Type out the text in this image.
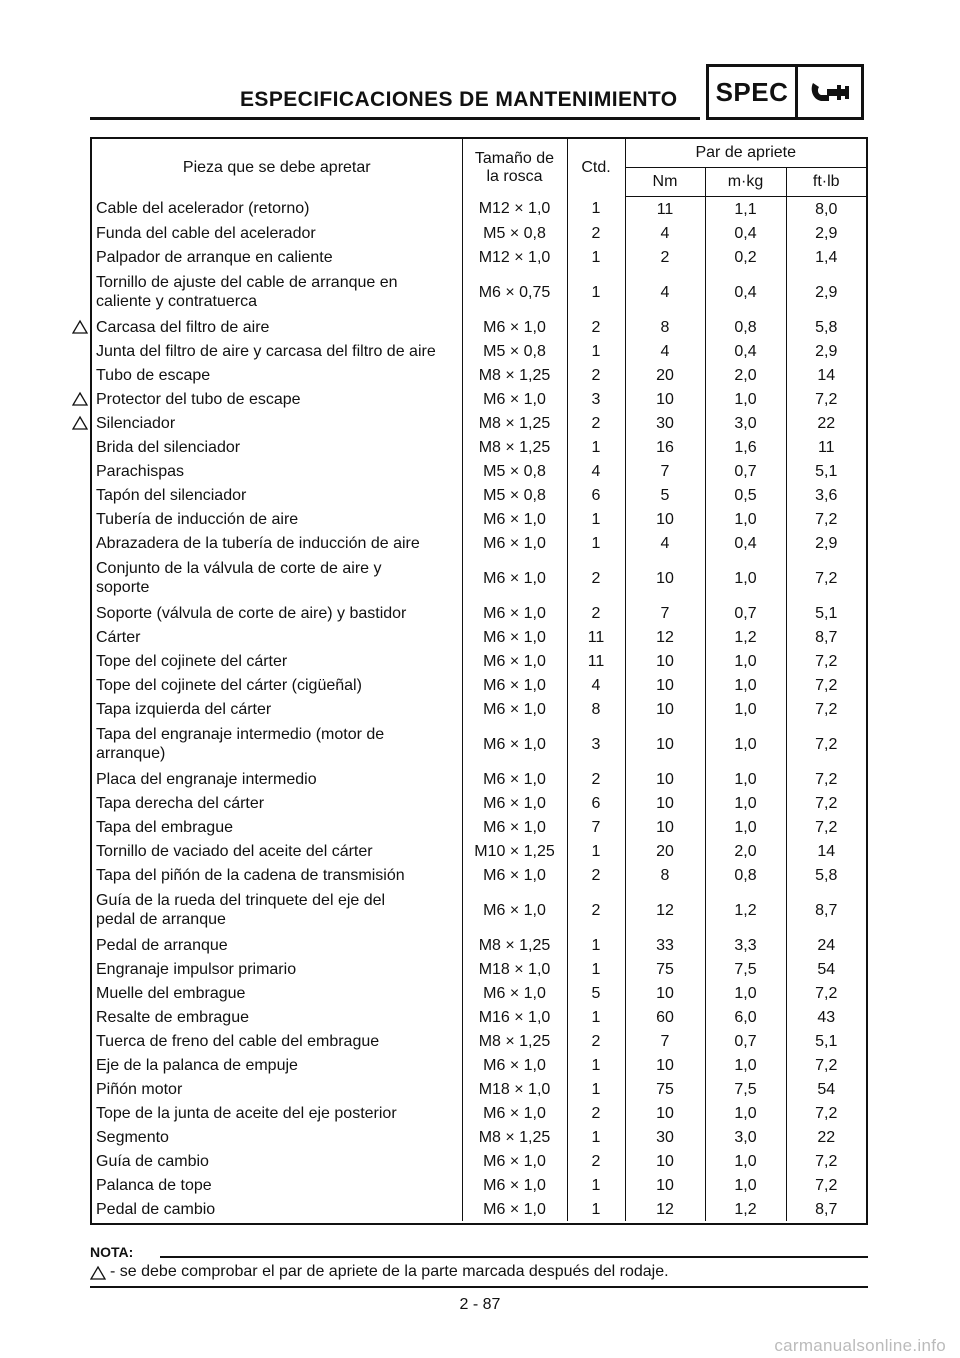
ESPECIFICACIONES DE MANTENIMIENTO SPEC
Pieza que se debe apretar	Tamaño de
la rosca	Ctd.	Par de apriete		
			Nm	m·kg	ft·lb

Cable del acelerador (retorno)	M12 × 1,0	1	11	1,1	8,0

Funda del cable del acelerador	M5 × 0,8	2	4	0,4	2,9

Palpador de arranque en caliente	M12 × 1,0	1	2	0,2	1,4

Tornillo de ajuste del cable de arranque en
caliente y contratuerca	M6 × 0,75	1	4	0,4	2,9

Carcasa del filtro de aire	M6 × 1,0	2	8	0,8	5,8

Junta del filtro de aire y carcasa del filtro de aire	M5 × 0,8	1	4	0,4	2,9

Tubo de escape	M8 × 1,25	2	20	2,0	14

Protector del tubo de escape	M6 × 1,0	3	10	1,0	7,2

Silenciador	M8 × 1,25	2	30	3,0	22

Brida del silenciador	M8 × 1,25	1	16	1,6	11

Parachispas	M5 × 0,8	4	7	0,7	5,1

Tapón del silenciador	M5 × 0,8	6	5	0,5	3,6

Tubería de inducción de aire	M6 × 1,0	1	10	1,0	7,2

Abrazadera de la tubería de inducción de aire	M6 × 1,0	1	4	0,4	2,9

Conjunto de la válvula de corte de aire y
soporte	M6 × 1,0	2	10	1,0	7,2

Soporte (válvula de corte de aire) y bastidor	M6 × 1,0	2	7	0,7	5,1

Cárter	M6 × 1,0	11	12	1,2	8,7

Tope del cojinete del cárter	M6 × 1,0	11	10	1,0	7,2

Tope del cojinete del cárter (cigüeñal)	M6 × 1,0	4	10	1,0	7,2

Tapa izquierda del cárter	M6 × 1,0	8	10	1,0	7,2

Tapa del engranaje intermedio (motor de
arranque)	M6 × 1,0	3	10	1,0	7,2

Placa del engranaje intermedio	M6 × 1,0	2	10	1,0	7,2

Tapa derecha del cárter	M6 × 1,0	6	10	1,0	7,2

Tapa del embrague	M6 × 1,0	7	10	1,0	7,2

Tornillo de vaciado del aceite del cárter	M10 × 1,25	1	20	2,0	14

Tapa del piñón de la cadena de transmisión	M6 × 1,0	2	8	0,8	5,8

Guía de la rueda del trinquete del eje del
pedal de arranque	M6 × 1,0	2	12	1,2	8,7

Pedal de arranque	M8 × 1,25	1	33	3,3	24

Engranaje impulsor primario	M18 × 1,0	1	75	7,5	54

Muelle del embrague	M6 × 1,0	5	10	1,0	7,2

Resalte de embrague	M16 × 1,0	1	60	6,0	43

Tuerca de freno del cable del embrague	M8 × 1,25	2	7	0,7	5,1

Eje de la palanca de empuje	M6 × 1,0	1	10	1,0	7,2

Piñón motor	M18 × 1,0	1	75	7,5	54

Tope de la junta de aceite del eje posterior	M6 × 1,0	2	10	1,0	7,2

Segmento	M8 × 1,25	1	30	3,0	22

Guía de cambio	M6 × 1,0	2	10	1,0	7,2

Palanca de tope	M6 × 1,0	1	10	1,0	7,2

Pedal de cambio	M6 × 1,0	1	12	1,2	8,7
NOTA:
- se debe comprobar el par de apriete de la parte marcada después del rodaje.
2 - 87
carmanualsonline.info
